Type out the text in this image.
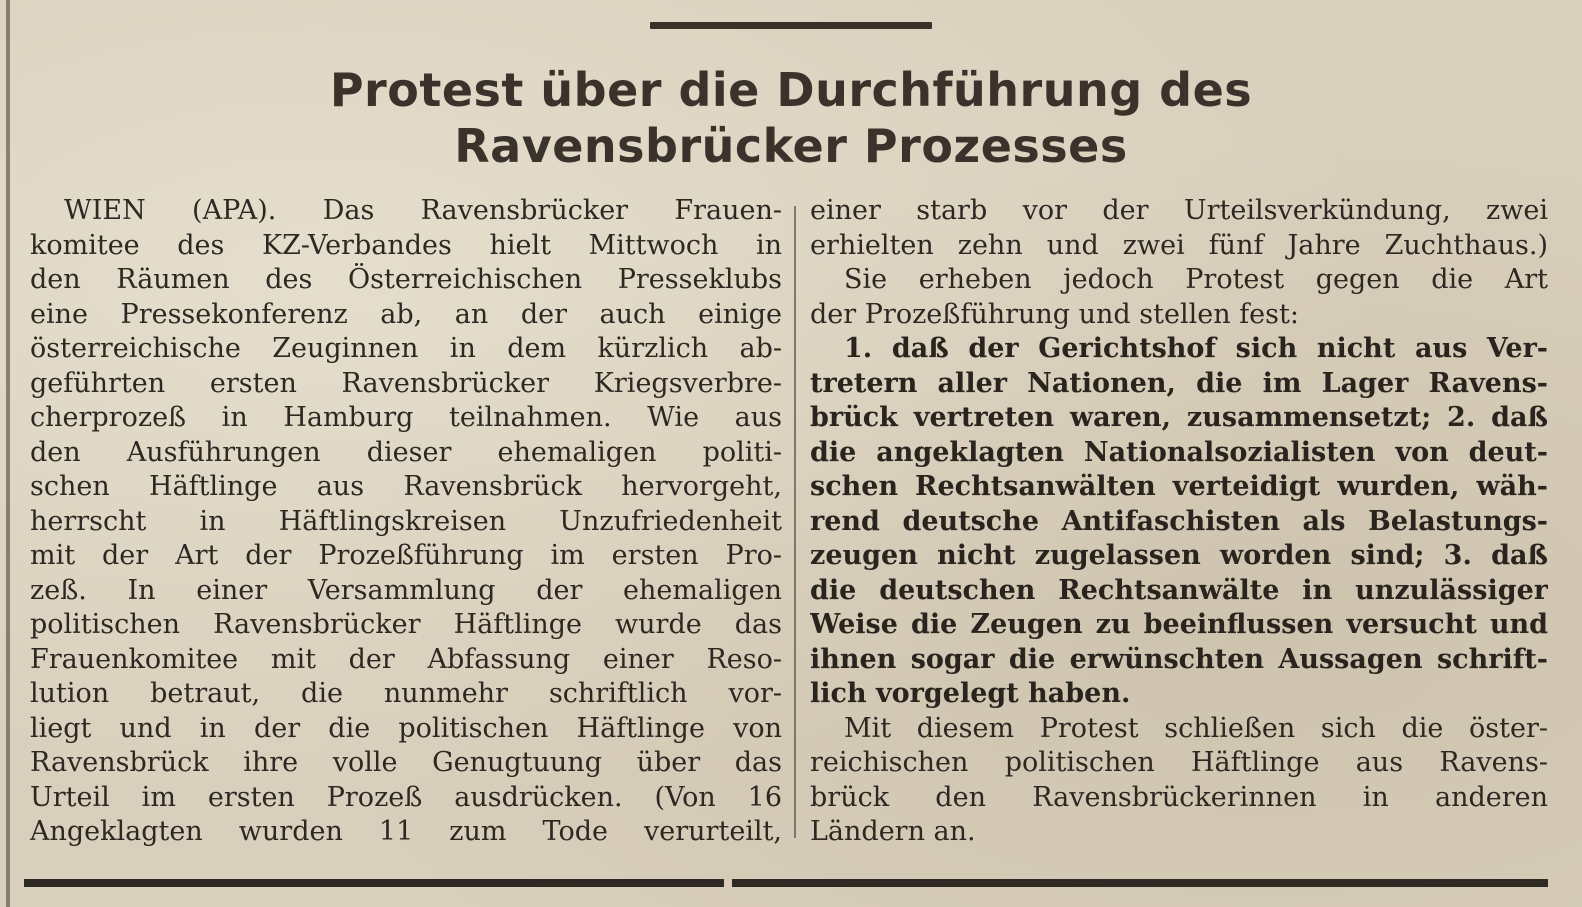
Protest über die Durchführung des
Ravensbrücker Prozesses
WIEN (APA). Das Ravensbrücker Frauen-
komitee des KZ-Verbandes hielt Mittwoch in
den Räumen des Österreichischen Presseklubs
eine Pressekonferenz ab, an der auch einige
österreichische Zeuginnen in dem kürzlich ab-
geführten ersten Ravensbrücker Kriegsverbre-
cherprozeß in Hamburg teilnahmen. Wie aus
den Ausführungen dieser ehemaligen politi-
schen Häftlinge aus Ravensbrück hervorgeht,
herrscht in Häftlingskreisen Unzufriedenheit
mit der Art der Prozeßführung im ersten Pro-
zeß. In einer Versammlung der ehemaligen
politischen Ravensbrücker Häftlinge wurde das
Frauenkomitee mit der Abfassung einer Reso-
lution betraut, die nunmehr schriftlich vor-
liegt und in der die politischen Häftlinge von
Ravensbrück ihre volle Genugtuung über das
Urteil im ersten Prozeß ausdrücken. (Von 16
Angeklagten wurden 11 zum Tode verurteilt,
einer starb vor der Urteilsverkündung, zwei
erhielten zehn und zwei fünf Jahre Zuchthaus.)
Sie erheben jedoch Protest gegen die Art
der Prozeßführung und stellen fest:
1. daß der Gerichtshof sich nicht aus Ver-
tretern aller Nationen, die im Lager Ravens-
brück vertreten waren, zusammensetzt; 2. daß
die angeklagten Nationalsozialisten von deut-
schen Rechtsanwälten verteidigt wurden, wäh-
rend deutsche Antifaschisten als Belastungs-
zeugen nicht zugelassen worden sind; 3. daß
die deutschen Rechtsanwälte in unzulässiger
Weise die Zeugen zu beeinflussen versucht und
ihnen sogar die erwünschten Aussagen schrift-
lich vorgelegt haben.
Mit diesem Protest schließen sich die öster-
reichischen politischen Häftlinge aus Ravens-
brück den Ravensbrückerinnen in anderen
Ländern an.
